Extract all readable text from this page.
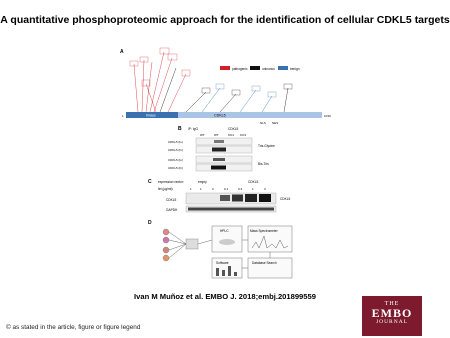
A quantitative phosphoproteomic approach for the identification of cellular CDKL5 targets
A
pathogenic	unknown	benign
Kinase	CDKL5
1	1030
NLS NES
B IP: IgG	CDKL5
WT	WT	KO1 KO3
CDKL5 (lo)
CDKL5 (hi)
CDKL5 (lo)
CDKL5 (hi)
Tris-Glycine
Bis-Tris
C expression vector:	empty	CDKL5
tet (μg/ml):	1	1	0	0.1	0.3	1	3
CDKL5
GAPDH
CDKL5
D
HPLC	Mass Spectrometer
Software	Database Search
Ivan M Muñoz et al. EMBO J. 2018;embj.201899559
© as stated in the article, figure or figure legend
THE
EMBO
JOURNAL
